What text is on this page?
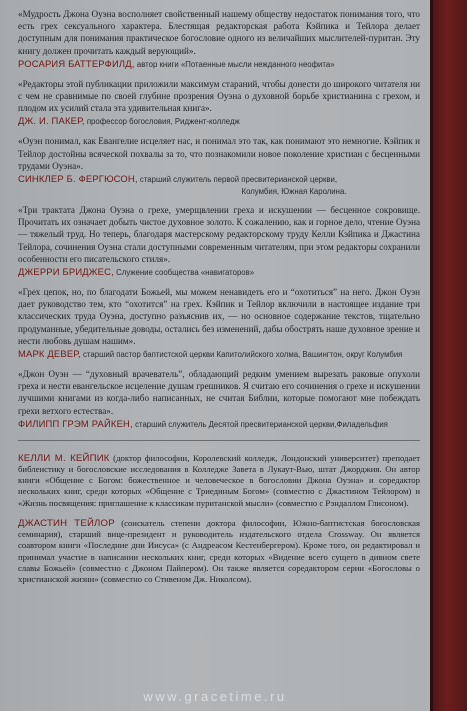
«Мудрость Джона Оуэна восполняет свойственный нашему обществу недостаток понимания того, что есть грех сексуального характера. Блестящая редакторская работа Кэйпика и Тейлора делает доступным для понимания практическое богословие одного из величайших мыслителей-пуритан. Эту книгу должен прочитать каждый верующий».
РОСАРИЯ БАТТЕРФИЛД, автор книги «Потаенные мысли нежданного неофита»
«Редакторы этой публикации приложили максимум стараний, чтобы донести до широкого читателя ни с чем не сравнимые по своей глубине прозрения Оуэна о духовной борьбе христианина с грехом, и плодом их усилий стала эта удивительная книга».
ДЖ. И. ПАКЕР, профессор богословия, Риджент-колледж
«Оуэн понимал, как Евангелие исцеляет нас, и понимал это так, как понимают это немногие. Кэйпик и Тейлор достойны всяческой похвалы за то, что познакомили новое поколение христиан с бесценными трудами Оуэна».
СИНКЛЕР Б. ФЕРГЮСОН, старший служитель первой пресвитерианской церкви,
Колумбия, Южная Каролина.
«Три трактата Джона Оуэна о грехе, умерщвлении греха и искушении — бесценное сокровище. Прочитать их означает добыть чистое духовное золото. К сожалению, как и горное дело, чтение Оуэна — тяжелый труд. Но теперь, благодаря мастерскому редакторскому труду Келли Кэйпика и Джастина Тейлора, сочинения Оуэна стали доступными современным читателям, при этом редакторы сохранили особенности его писательского стиля».
ДЖЕРРИ БРИДЖЕС, Служение сообщества «навигаторов»
«Грех цепок, но, по благодати Божьей, мы можем ненавидеть его и “охотиться” на него. Джон Оуэн дает руководство тем, кто “охотится” на грех. Кэйпик и Тейлор включили в настоящее издание три классических труда Оуэна, доступно разъяснив их, — но основное содержание текстов, тщательно продуманные, убедительные доводы, остались без изменений, дабы обострять наше духовное зрение и нести любовь душам нашим».
МАРК ДЕВЕР, старший пастор баптистской церкви Капитолийского холма, Вашингтон, округ Колумбия
«Джон Оуэн — “духовный врачеватель”, обладающий редким умением вырезать раковые опухоли греха и нести евангельское исцеление душам грешников. Я считаю его сочинения о грехе и искушении лучшими книгами из когда-либо написанных, не считая Библии, которые помогают мне побеждать грехи ветхого естества».
ФИЛИПП ГРЭМ РАЙКЕН, старший служитель Десятой пресвитерианской церкви,Филадельфия
КЕЛЛИ М. КЕЙПИК (доктор философии, Королевский колледж, Лондонский университет) преподает библеистику и богословские исследования в Колледже Завета в Лукаут-Вью, штат Джорджия. Он автор книги «Общение с Богом: божественное и человеческое в богословии Джона Оуэна» и соредактор нескольких книг, среди которых «Общение с Триединым Богом» (совместно с Джастином Тейлором) и «Жизнь посвящения: приглашение к классикам пуританской мысли» (совместно с Рэндаллом Глисоном).
ДЖАСТИН ТЕЙЛОР (соискатель степени доктора философии, Южно-баптистская богословская семинария), старший вице-президент и руководитель издательского отдела Crossway. Он является соавтором книги «Последние дни Иисуса» (с Андреасом Кестенбергером). Кроме того, он редактировал и принимал участие в написании нескольких книг, среди которых «Видение всего сущего в дивном свете славы Божьей» (совместно с Джоном Пайпером). Он также является соредактором серии «Богословы о христианской жизни» (совместно со Стивеном Дж. Николсом).
www.gracetime.ru
